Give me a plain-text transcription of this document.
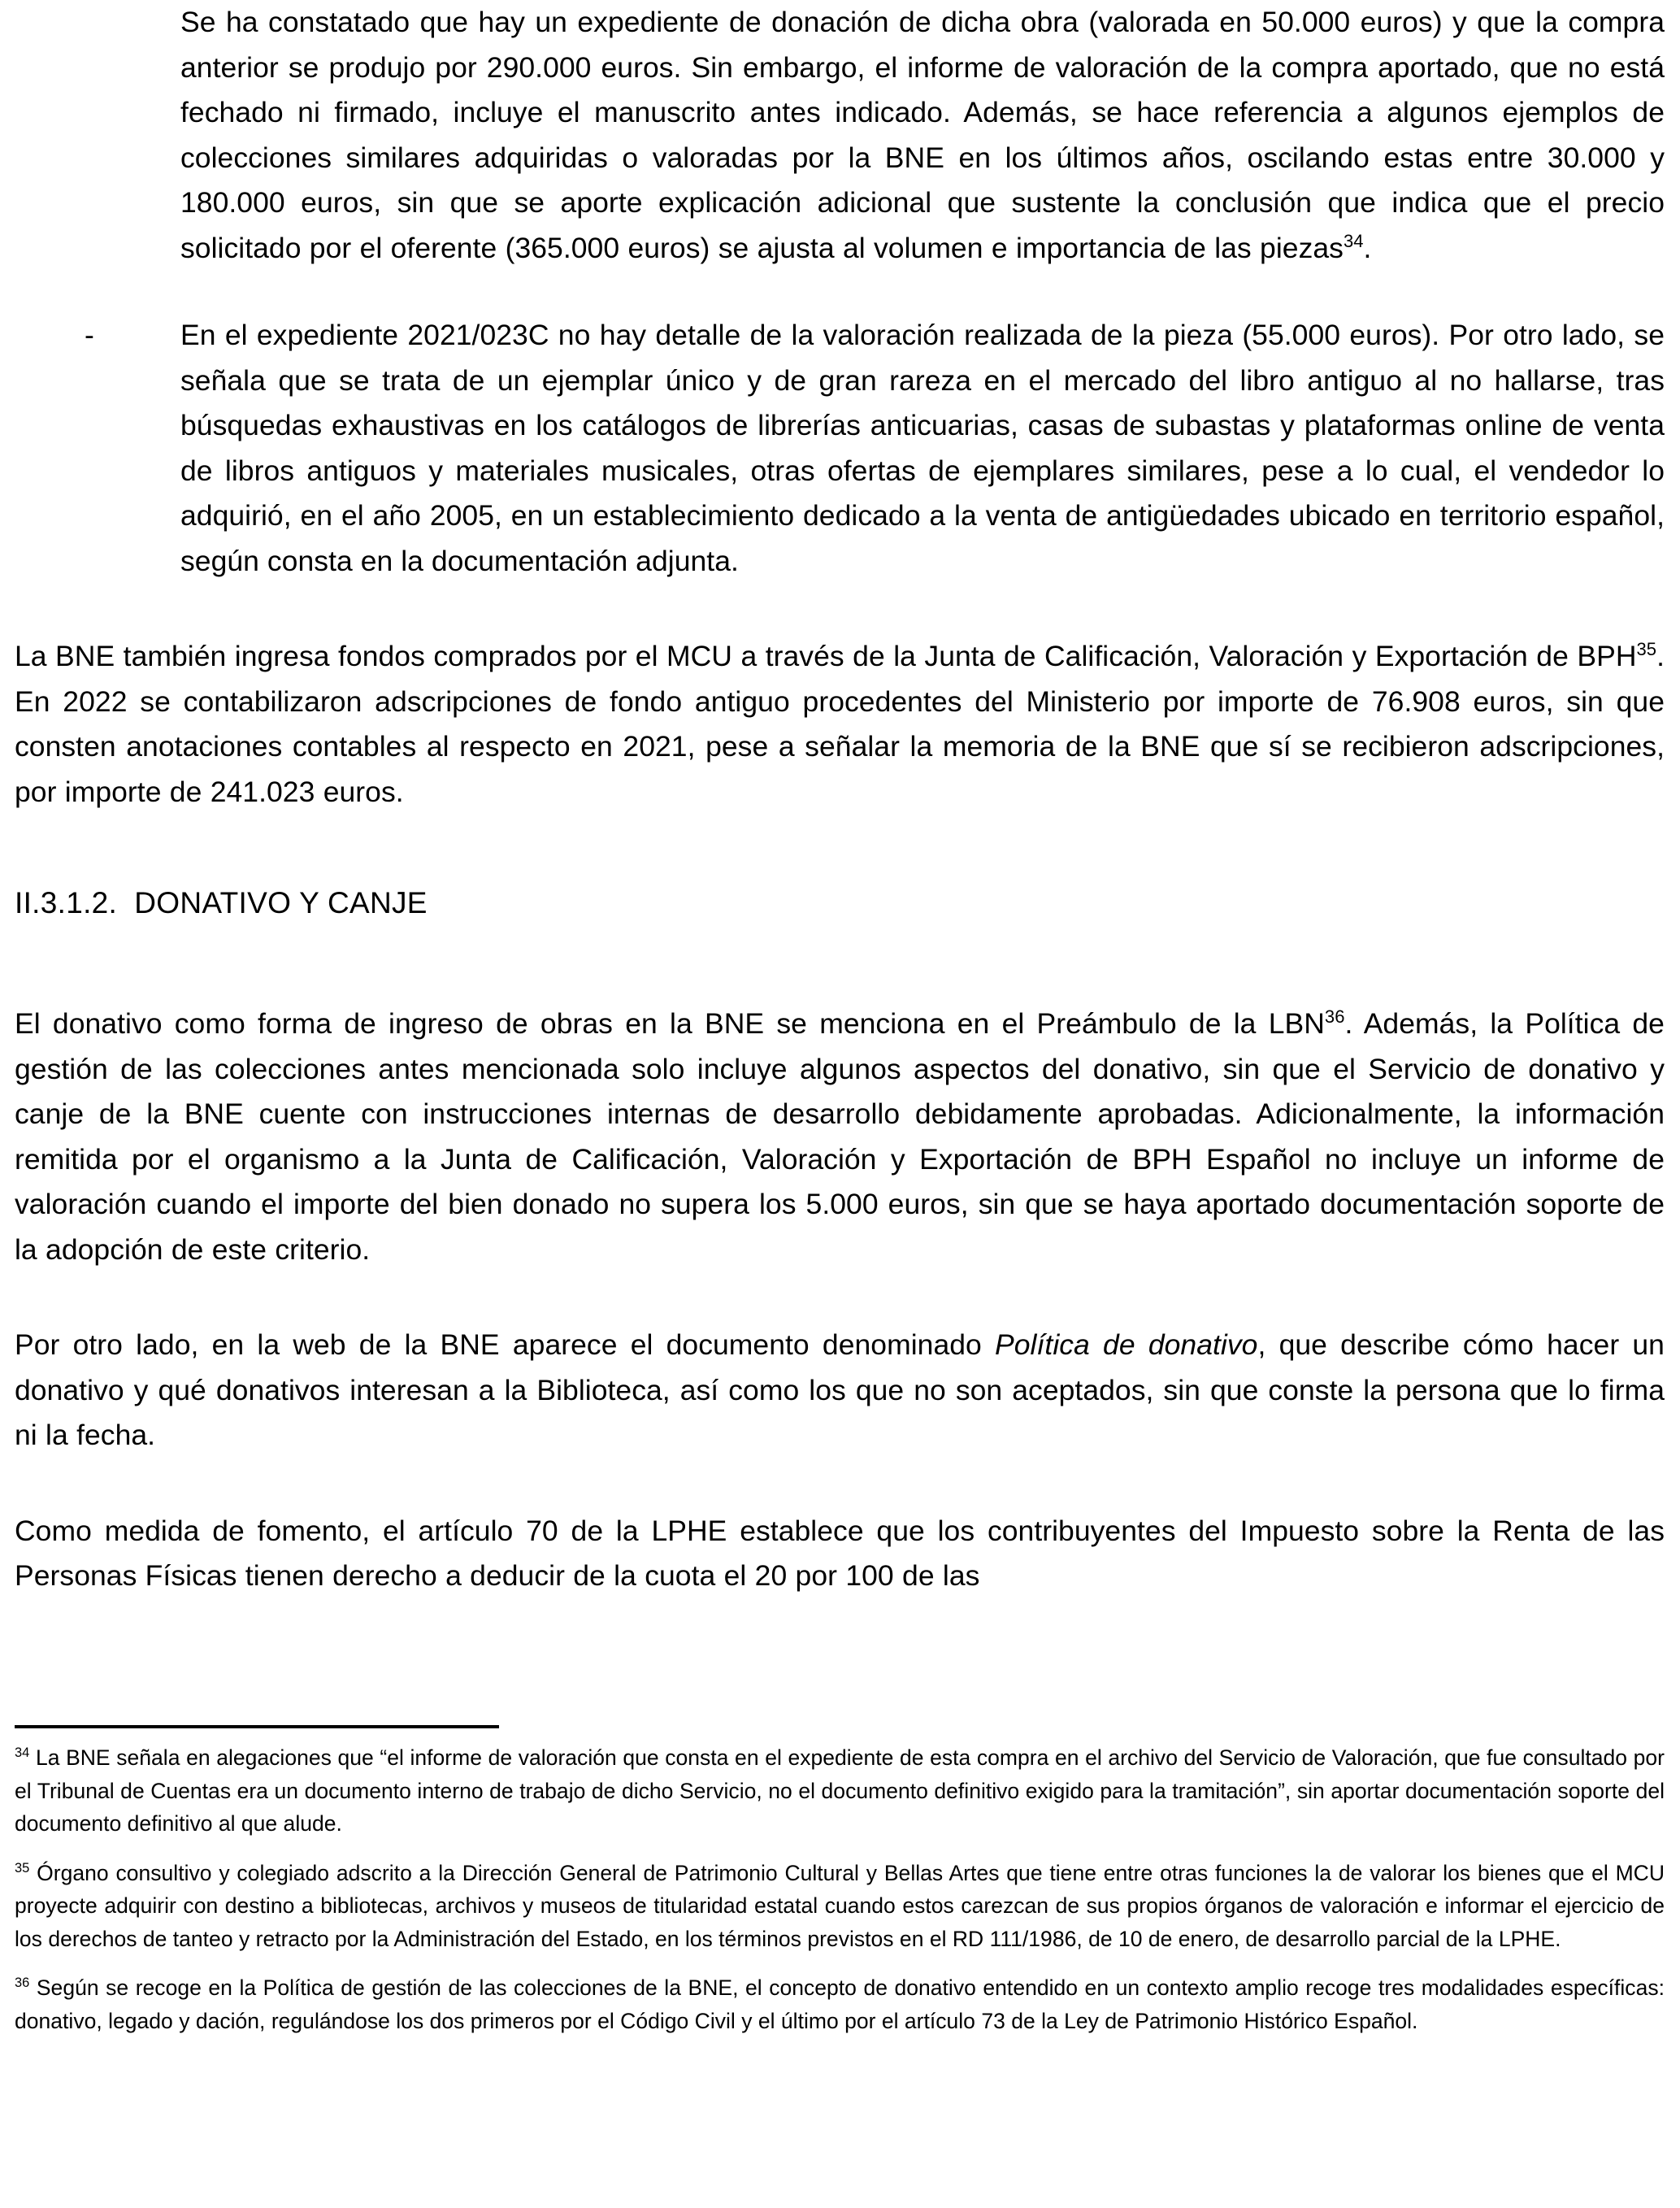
Se ha constatado que hay un expediente de donación de dicha obra (valorada en 50.000 euros) y que la compra anterior se produjo por 290.000 euros. Sin embargo, el informe de valoración de la compra aportado, que no está fechado ni firmado, incluye el manuscrito antes indicado. Además, se hace referencia a algunos ejemplos de colecciones similares adquiridas o valoradas por la BNE en los últimos años, oscilando estas entre 30.000 y 180.000 euros, sin que se aporte explicación adicional que sustente la conclusión que indica que el precio solicitado por el oferente (365.000 euros) se ajusta al volumen e importancia de las piezas$^{34}$.

-	En el expediente 2021/023C no hay detalle de la valoración realizada de la pieza (55.000 euros). Por otro lado, se señala que se trata de un ejemplar único y de gran rareza en el mercado del libro antiguo al no hallarse, tras búsquedas exhaustivas en los catálogos de librerías anticuarias, casas de subastas y plataformas online de venta de libros antiguos y materiales musicales, otras ofertas de ejemplares similares, pese a lo cual, el vendedor lo adquirió, en el año 2005, en un establecimiento dedicado a la venta de antigüedades ubicado en territorio español, según consta en la documentación adjunta.

La BNE también ingresa fondos comprados por el MCU a través de la Junta de Calificación, Valoración y Exportación de BPH$^{35}$. En 2022 se contabilizaron adscripciones de fondo antiguo procedentes del Ministerio por importe de 76.908 euros, sin que consten anotaciones contables al respecto en 2021, pese a señalar la memoria de la BNE que sí se recibieron adscripciones, por importe de 241.023 euros.

II.3.1.2.  DONATIVO Y CANJE

El donativo como forma de ingreso de obras en la BNE se menciona en el Preámbulo de la LBN$^{36}$. Además, la Política de gestión de las colecciones antes mencionada solo incluye algunos aspectos del donativo, sin que el Servicio de donativo y canje de la BNE cuente con instrucciones internas de desarrollo debidamente aprobadas. Adicionalmente, la información remitida por el organismo a la Junta de Calificación, Valoración y Exportación de BPH Español no incluye un informe de valoración cuando el importe del bien donado no supera los 5.000 euros, sin que se haya aportado documentación soporte de la adopción de este criterio.

Por otro lado, en la web de la BNE aparece el documento denominado Política de donativo, que describe cómo hacer un donativo y qué donativos interesan a la Biblioteca, así como los que no son aceptados, sin que conste la persona que lo firma ni la fecha.

Como medida de fomento, el artículo 70 de la LPHE establece que los contribuyentes del Impuesto sobre la Renta de las Personas Físicas tienen derecho a deducir de la cuota el 20 por 100 de las

$^{34}$ La BNE señala en alegaciones que “el informe de valoración que consta en el expediente de esta compra en el archivo del Servicio de Valoración, que fue consultado por el Tribunal de Cuentas era un documento interno de trabajo de dicho Servicio, no el documento definitivo exigido para la tramitación”, sin aportar documentación soporte del documento definitivo al que alude.

$^{35}$ Órgano consultivo y colegiado adscrito a la Dirección General de Patrimonio Cultural y Bellas Artes que tiene entre otras funciones la de valorar los bienes que el MCU proyecte adquirir con destino a bibliotecas, archivos y museos de titularidad estatal cuando estos carezcan de sus propios órganos de valoración e informar el ejercicio de los derechos de tanteo y retracto por la Administración del Estado, en los términos previstos en el RD 111/1986, de 10 de enero, de desarrollo parcial de la LPHE.

$^{36}$ Según se recoge en la Política de gestión de las colecciones de la BNE, el concepto de donativo entendido en un contexto amplio recoge tres modalidades específicas: donativo, legado y dación, regulándose los dos primeros por el Código Civil y el último por el artículo 73 de la Ley de Patrimonio Histórico Español.
